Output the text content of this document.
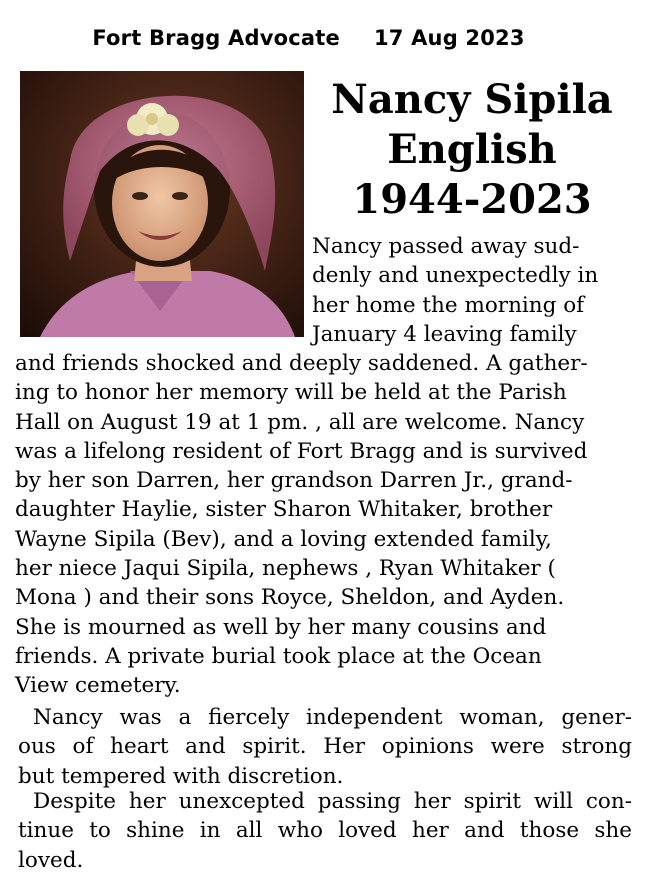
Fort Bragg Advocate 17 Aug 2023
Nancy Sipila
English
1944-2023
Nancy passed away sud-
denly and unexpectedly in
her home the morning of
January 4 leaving family
and friends shocked and deeply saddened. A gather-
ing to honor her memory will be held at the Parish
Hall on August 19 at 1 pm. , all are welcome. Nancy
was a lifelong resident of Fort Bragg and is survived
by her son Darren, her grandson Darren Jr., grand-
daughter Haylie, sister Sharon Whitaker, brother
Wayne Sipila (Bev), and a loving extended family,
her niece Jaqui Sipila, nephews , Ryan Whitaker (
Mona ) and their sons Royce, Sheldon, and Ayden.
She is mourned as well by her many cousins and
friends. A private burial took place at the Ocean
View cemetery.
Nancy was a fiercely independent woman, gener-
ous of heart and spirit. Her opinions were strong
but tempered with discretion.
Despite her unexcepted passing her spirit will con-
tinue to shine in all who loved her and those she
loved.
